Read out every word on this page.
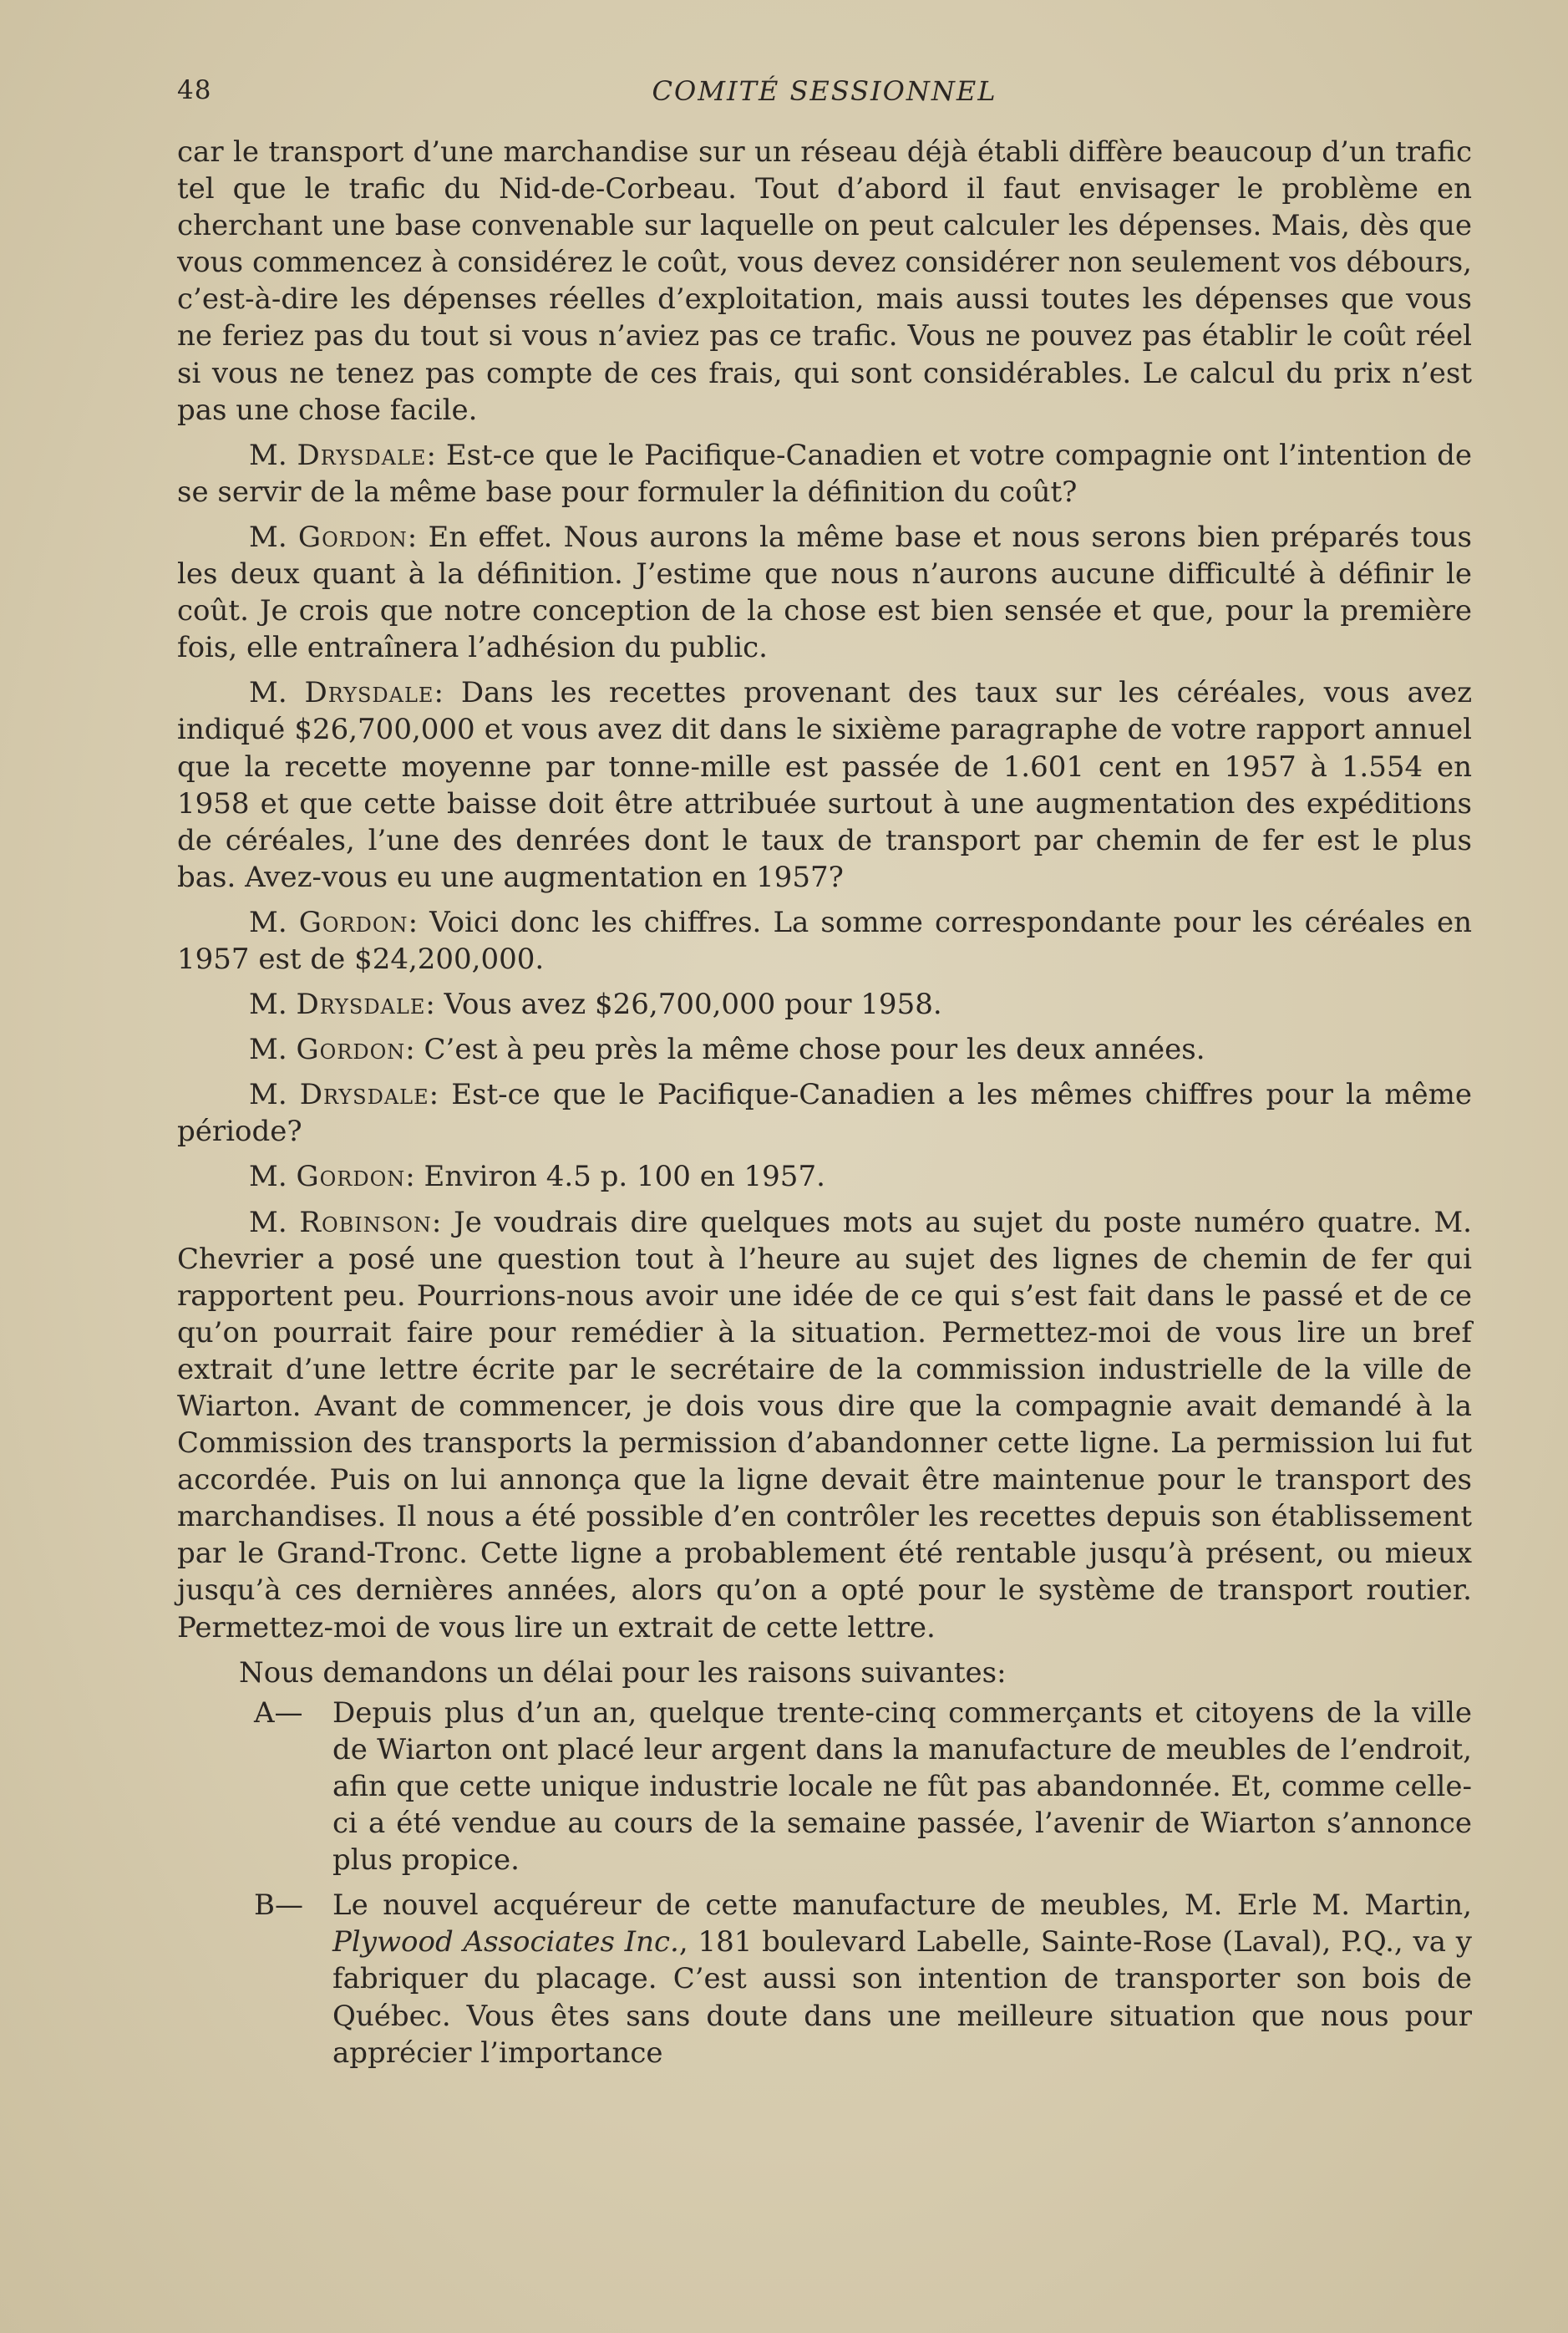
48	COMITÉ SESSIONNEL

car le transport d’une marchandise sur un réseau déjà établi diffère beaucoup d’un trafic tel que le trafic du Nid-de-Corbeau. Tout d’abord il faut envisager le problème en cherchant une base convenable sur laquelle on peut calculer les dépenses. Mais, dès que vous commencez à considérez le coût, vous devez considérer non seulement vos débours, c’est-à-dire les dépenses réelles d’exploitation, mais aussi toutes les dépenses que vous ne feriez pas du tout si vous n’aviez pas ce trafic. Vous ne pouvez pas établir le coût réel si vous ne tenez pas compte de ces frais, qui sont considérables. Le calcul du prix n’est pas une chose facile.

M. Drysdale: Est-ce que le Pacifique-Canadien et votre compagnie ont l’intention de se servir de la même base pour formuler la définition du coût?

M. Gordon: En effet. Nous aurons la même base et nous serons bien préparés tous les deux quant à la définition. J’estime que nous n’aurons aucune difficulté à définir le coût. Je crois que notre conception de la chose est bien sensée et que, pour la première fois, elle entraînera l’adhésion du public.

M. Drysdale: Dans les recettes provenant des taux sur les céréales, vous avez indiqué $26,700,000 et vous avez dit dans le sixième paragraphe de votre rapport annuel que la recette moyenne par tonne-mille est passée de 1.601 cent en 1957 à 1.554 en 1958 et que cette baisse doit être attribuée surtout à une augmentation des expéditions de céréales, l’une des denrées dont le taux de transport par chemin de fer est le plus bas. Avez-vous eu une augmentation en 1957?

M. Gordon: Voici donc les chiffres. La somme correspondante pour les céréales en 1957 est de $24,200,000.

M. Drysdale: Vous avez $26,700,000 pour 1958.

M. Gordon: C’est à peu près la même chose pour les deux années.

M. Drysdale: Est-ce que le Pacifique-Canadien a les mêmes chiffres pour la même période?

M. Gordon: Environ 4.5 p. 100 en 1957.

M. Robinson: Je voudrais dire quelques mots au sujet du poste numéro quatre. M. Chevrier a posé une question tout à l’heure au sujet des lignes de chemin de fer qui rapportent peu. Pourrions-nous avoir une idée de ce qui s’est fait dans le passé et de ce qu’on pourrait faire pour remédier à la situation. Permettez-moi de vous lire un bref extrait d’une lettre écrite par le secrétaire de la commission industrielle de la ville de Wiarton. Avant de commencer, je dois vous dire que la compagnie avait demandé à la Commission des transports la permission d’abandonner cette ligne. La permission lui fut accordée. Puis on lui annonça que la ligne devait être maintenue pour le transport des marchandises. Il nous a été possible d’en contrôler les recettes depuis son établissement par le Grand-Tronc. Cette ligne a probablement été rentable jusqu’à présent, ou mieux jusqu’à ces dernières années, alors qu’on a opté pour le système de transport routier. Permettez-moi de vous lire un extrait de cette lettre.

Nous demandons un délai pour les raisons suivantes:

A— Depuis plus d’un an, quelque trente-cinq commerçants et citoyens de la ville de Wiarton ont placé leur argent dans la manufacture de meubles de l’endroit, afin que cette unique industrie locale ne fût pas abandonnée. Et, comme celle-ci a été vendue au cours de la semaine passée, l’avenir de Wiarton s’annonce plus propice.

B— Le nouvel acquéreur de cette manufacture de meubles, M. Erle M. Martin, Plywood Associates Inc., 181 boulevard Labelle, Sainte-Rose (Laval), P.Q., va y fabriquer du placage. C’est aussi son intention de transporter son bois de Québec. Vous êtes sans doute dans une meilleure situation que nous pour apprécier l’importance
